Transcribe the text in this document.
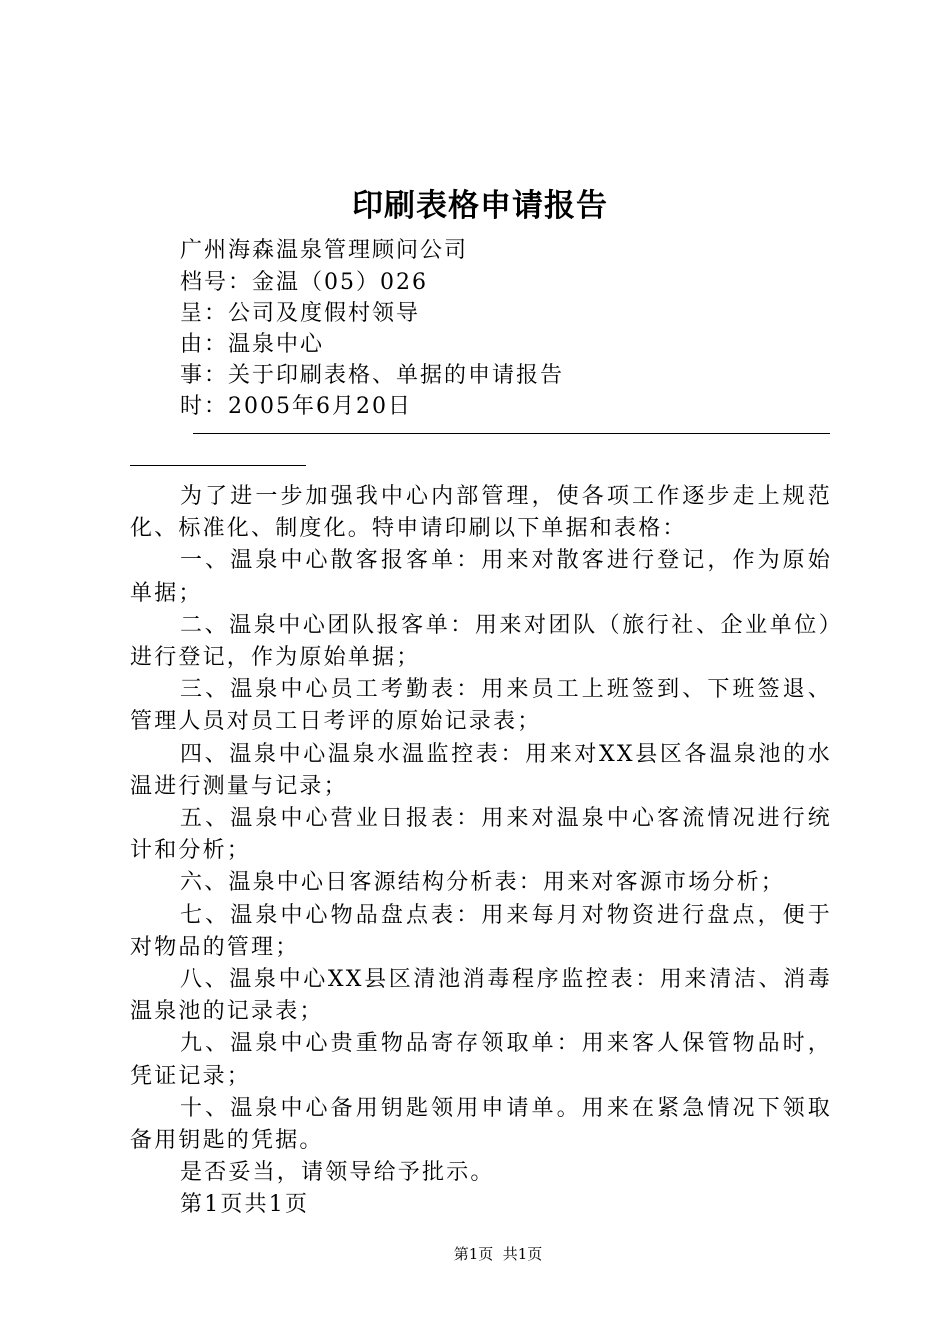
印刷表格申请报告
广州海森温泉管理顾问公司
档号：金温（05）026
呈：公司及度假村领导
由：温泉中心
事：关于印刷表格、单据的申请报告
时：2005年6月20日

为了进一步加强我中心内部管理，使各项工作逐步走上规范化、标准化、制度化。特申请印刷以下单据和表格：

一、温泉中心散客报客单：用来对散客进行登记，作为原始单据；

二、温泉中心团队报客单：用来对团队（旅行社、企业单位）进行登记，作为原始单据；

三、温泉中心员工考勤表：用来员工上班签到、下班签退、管理人员对员工日考评的原始记录表；

四、温泉中心温泉水温监控表：用来对XX县区各温泉池的水温进行测量与记录；

五、温泉中心营业日报表：用来对温泉中心客流情况进行统计和分析；

六、温泉中心日客源结构分析表：用来对客源市场分析；

七、温泉中心物品盘点表：用来每月对物资进行盘点，便于对物品的管理；

八、温泉中心XX县区清池消毒程序监控表：用来清洁、消毒温泉池的记录表；

九、温泉中心贵重物品寄存领取单：用来客人保管物品时，凭证记录；

十、温泉中心备用钥匙领用申请单。用来在紧急情况下领取备用钥匙的凭据。

是否妥当，请领导给予批示。

第1页共1页

第1页  共1页
